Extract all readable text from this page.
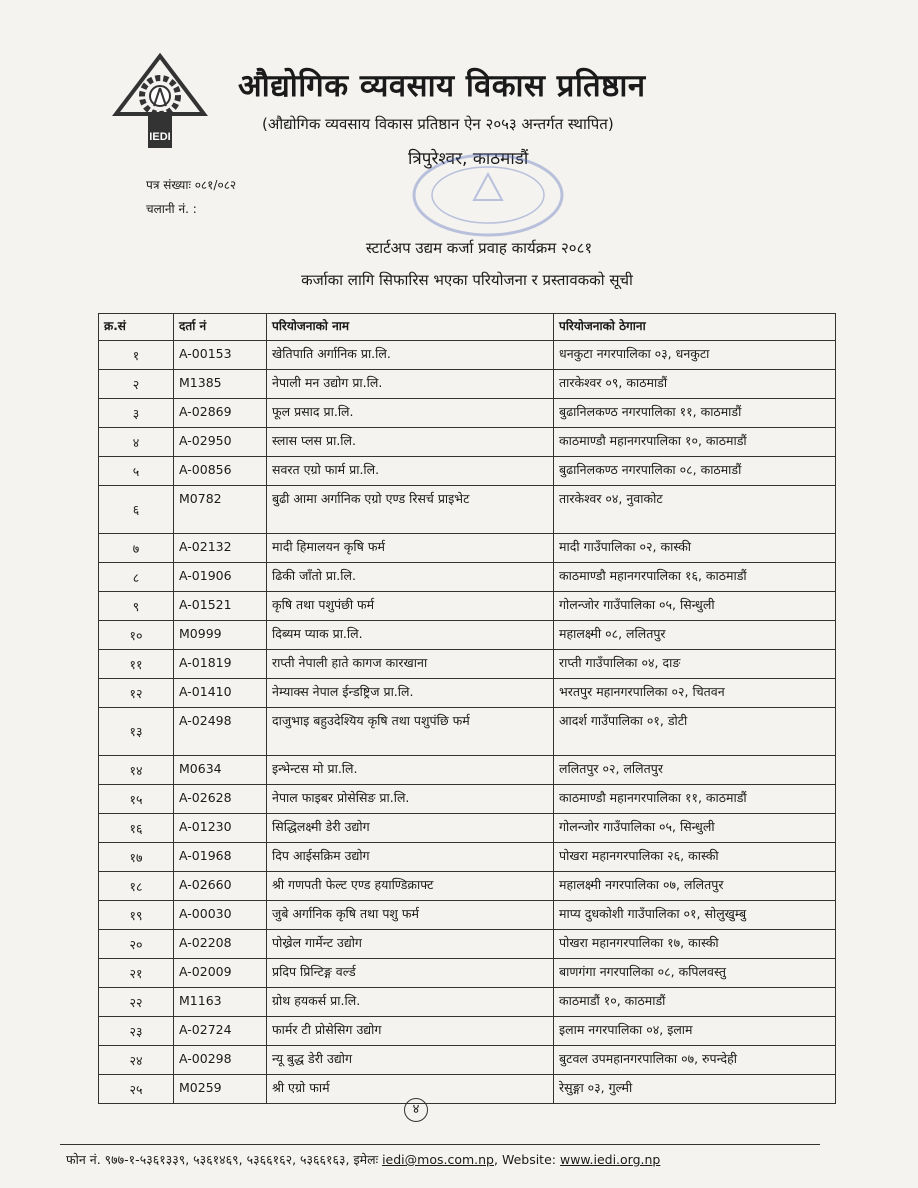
IEDI
औद्योगिक व्यवसाय विकास प्रतिष्ठान
(औद्योगिक व्यवसाय विकास प्रतिष्ठान ऐन २०५३ अन्तर्गत स्थापित)
त्रिपुरेश्वर, काठमाडौं
पत्र संख्याः ०८१/०८२
चलानी नं. :
स्टार्टअप उद्यम कर्जा प्रवाह कार्यक्रम २०८१
कर्जाका लागि सिफारिस भएका परियोजना र प्रस्तावकको सूची
क्र.सं	दर्ता नं	परियोजनाको नाम	परियोजनाको ठेगाना
१	A-00153	खेतिपाति अर्गानिक प्रा.लि.	धनकुटा नगरपालिका ०३, धनकुटा
२	M1385	नेपाली मन उद्योग प्रा.लि.	तारकेश्वर ०९, काठमाडौं
३	A-02869	फूल प्रसाद प्रा.लि.	बुढानिलकण्ठ नगरपालिका ११, काठमाडौं
४	A-02950	स्लास प्लस प्रा.लि.	काठमाण्डौ महानगरपालिका १०, काठमाडौं
५	A-00856	सवरत एग्रो फार्म प्रा.लि.	बुढानिलकण्ठ नगरपालिका ०८, काठमाडौं
६	M0782	बुढी आमा अर्गानिक एग्रो एण्ड रिसर्च प्राइभेट	तारकेश्वर ०४, नुवाकोट
७	A-02132	मादी हिमालयन कृषि फर्म	मादी गाउँपालिका ०२, कास्की
८	A-01906	ढिकी जाँतो प्रा.लि.	काठमाण्डौ महानगरपालिका १६, काठमाडौं
९	A-01521	कृषि तथा पशुपंछी फर्म	गोलन्जोर गाउँपालिका ०५, सिन्धुली
१०	M0999	दिब्यम प्याक प्रा.लि.	महालक्ष्मी ०८, ललितपुर
११	A-01819	राप्ती नेपाली हाते कागज कारखाना	राप्ती गाउँपालिका ०४, दाङ
१२	A-01410	नेम्याक्स नेपाल ईन्डष्ट्रिज प्रा.लि.	भरतपुर महानगरपालिका ०२, चितवन
१३	A-02498	दाजुभाइ बहुउदेश्यिय कृषि तथा पशुपंछि फर्म	आदर्श गाउँपालिका ०१, डोटी
१४	M0634	इन्भेन्टस मो प्रा.लि.	ललितपुर ०२, ललितपुर
१५	A-02628	नेपाल फाइबर प्रोसेसिङ प्रा.लि.	काठमाण्डौ महानगरपालिका ११, काठमाडौं
१६	A-01230	सिद्धिलक्ष्मी डेरी उद्योग	गोलन्जोर गाउँपालिका ०५, सिन्धुली
१७	A-01968	दिप आईसक्रिम उद्योग	पोखरा महानगरपालिका २६, कास्की
१८	A-02660	श्री गणपती फेल्ट एण्ड हयाण्डिक्राफ्ट	महालक्ष्मी नगरपालिका ०७, ललितपुर
१९	A-00030	जुबे अर्गानिक कृषि तथा पशु फर्म	माप्य दुधकोशी गाउँपालिका ०१, सोलुखुम्बु
२०	A-02208	पोख्रेल गार्मेन्ट उद्योग	पोखरा महानगरपालिका १७, कास्की
२१	A-02009	प्रदिप प्रिन्टिङ्ग वर्ल्ड	बाणगंगा नगरपालिका ०८, कपिलवस्तु
२२	M1163	ग्रोथ हयकर्स प्रा.लि.	काठमाडौं १०, काठमाडौं
२३	A-02724	फार्मर टी प्रोसेसिग उद्योग	इलाम नगरपालिका ०४, इलाम
२४	A-00298	न्यू बुद्ध डेरी उद्योग	बुटवल उपमहानगरपालिका ०७, रुपन्देही
२५	M0259	श्री एग्रो फार्म	रेसुङ्गा ०३, गुल्मी
४
फोन नं. ९७७-१-५३६१३३९, ५३६१४६९, ५३६६१६२, ५३६६१६३, इमेलः iedi@mos.com.np, Website: www.iedi.org.np
